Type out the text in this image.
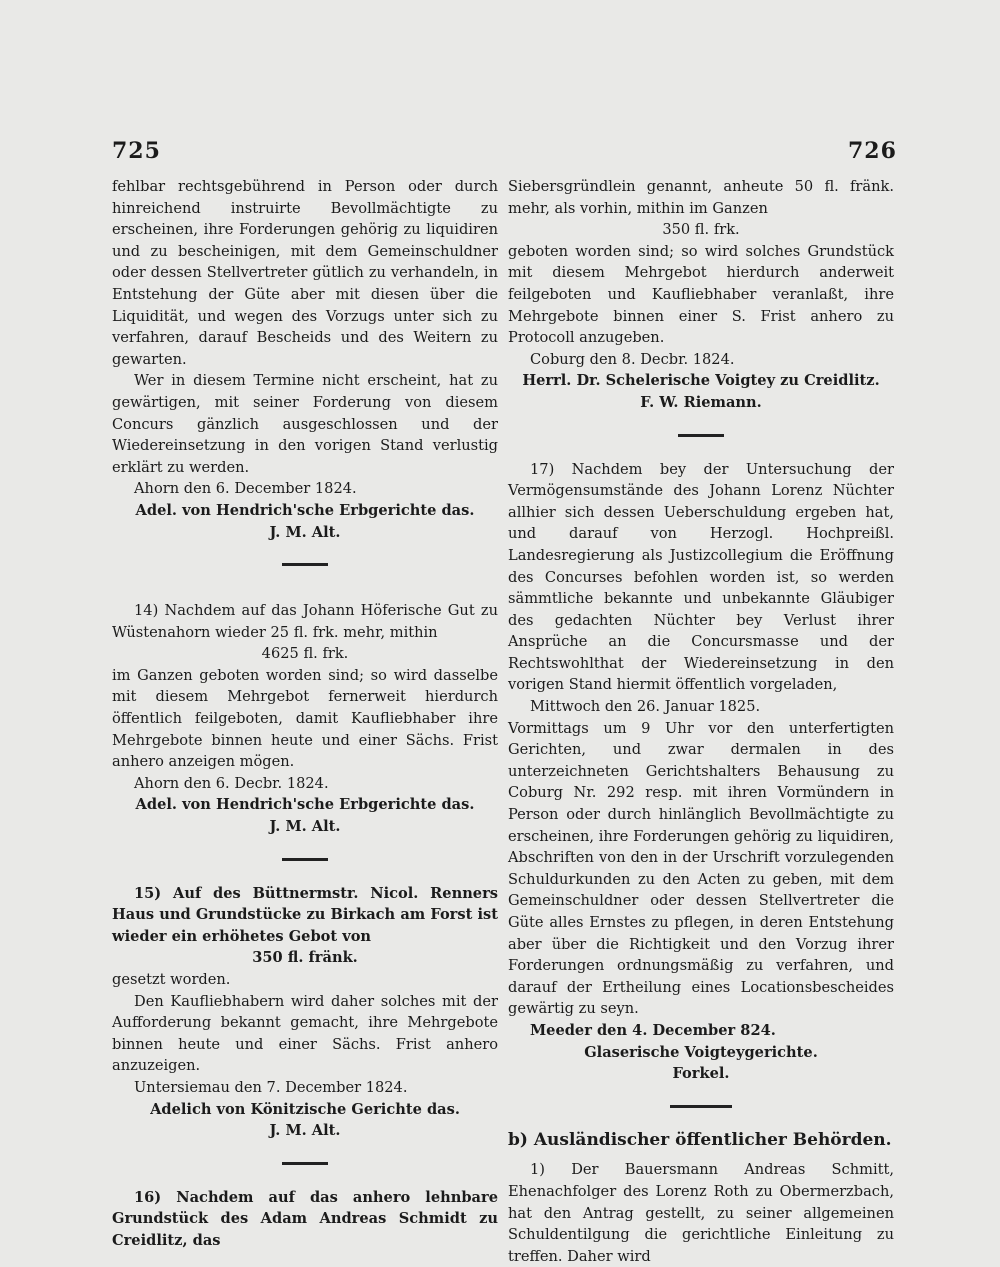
725	726

fehlbar rechtsgebührend in Person oder durch hinreichend instruirte Bevollmächtigte zu erscheinen, ihre Forderungen gehörig zu liquidiren und zu bescheinigen, mit dem Gemeinschuldner oder dessen Stellvertreter gütlich zu verhandeln, in Entstehung der Güte aber mit diesen über die Liquidität, und wegen des Vorzugs unter sich zu verfahren, darauf Bescheids und des Weitern zu gewarten.

Wer in diesem Termine nicht erscheint, hat zu gewärtigen, mit seiner Forderung von diesem Concurs gänzlich ausgeschlossen und der Wiedereinsetzung in den vorigen Stand verlustig erklärt zu werden.

Ahorn den 6. December 1824.

Adel. von Hendrich'sche Erbgerichte das.

J. M. Alt.

14) Nachdem auf das Johann Höferische Gut zu Wüstenahorn wieder 25 fl. frk. mehr, mithin

4625 fl. frk.

im Ganzen geboten worden sind; so wird dasselbe mit diesem Mehrgebot fernerweit hierdurch öffentlich feilgeboten, damit Kaufliebhaber ihre Mehrgebote binnen heute und einer Sächs. Frist anhero anzeigen mögen.

Ahorn den 6. Decbr. 1824.

Adel. von Hendrich'sche Erbgerichte das.

J. M. Alt.

15) Auf des Büttnermstr. Nicol. Renners Haus und Grundstücke zu Birkach am Forst ist wieder ein erhöhetes Gebot von

350 fl. fränk.

gesetzt worden.

Den Kaufliebhabern wird daher solches mit der Aufforderung bekannt gemacht, ihre Mehrgebote binnen heute und einer Sächs. Frist anhero anzuzeigen.

Untersiemau den 7. December 1824.

Adelich von Könitzische Gerichte das.

J. M. Alt.

16) Nachdem auf das anhero lehnbare Grundstück des Adam Andreas Schmidt zu Creidlitz, das

Siebersgründlein genannt, anheute 50 fl. fränk. mehr, als vorhin, mithin im Ganzen

350 fl. frk.

geboten worden sind; so wird solches Grundstück mit diesem Mehrgebot hierdurch anderweit feilgeboten und Kaufliebhaber veranlaßt, ihre Mehrgebote binnen einer S. Frist anhero zu Protocoll anzugeben.

Coburg den 8. Decbr. 1824.

Herrl. Dr. Schelerische Voigtey zu Creidlitz.

F. W. Riemann.

17) Nachdem bey der Untersuchung der Vermögensumstände des Johann Lorenz Nüchter allhier sich dessen Ueberschuldung ergeben hat, und darauf von Herzogl. Hochpreißl. Landesregierung als Justizcollegium die Eröffnung des Concurses befohlen worden ist, so werden sämmtliche bekannte und unbekannte Gläubiger des gedachten Nüchter bey Verlust ihrer Ansprüche an die Concursmasse und der Rechtswohlthat der Wiedereinsetzung in den vorigen Stand hiermit öffentlich vorgeladen,

Mittwoch den 26. Januar 1825.

Vormittags um 9 Uhr vor den unterfertigten Gerichten, und zwar dermalen in des unterzeichneten Gerichtshalters Behausung zu Coburg Nr. 292 resp. mit ihren Vormündern in Person oder durch hinlänglich Bevollmächtigte zu erscheinen, ihre Forderungen gehörig zu liquidiren, Abschriften von den in der Urschrift vorzulegenden Schuldurkunden zu den Acten zu geben, mit dem Gemeinschuldner oder dessen Stellvertreter die Güte alles Ernstes zu pflegen, in deren Entstehung aber über die Richtigkeit und den Vorzug ihrer Forderungen ordnungsmäßig zu verfahren, und darauf der Ertheilung eines Locationsbescheides gewärtig zu seyn.

Meeder den 4. December 824.

Glaserische Voigteygerichte.

Forkel.

b) Ausländischer öffentlicher Behörden.

1) Der Bauersmann Andreas Schmitt, Ehenachfolger des Lorenz Roth zu Obermerzbach, hat den Antrag gestellt, zu seiner allgemeinen Schuldentilgung die gerichtliche Einleitung zu treffen. Daher wird
